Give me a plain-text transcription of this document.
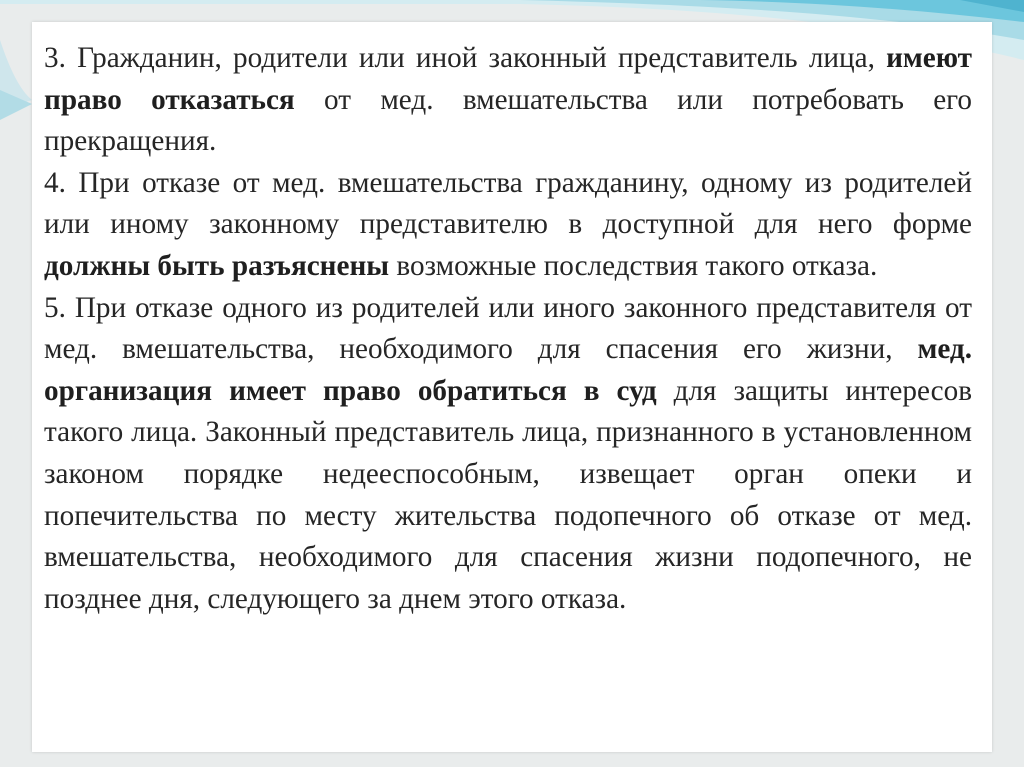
3. Гражданин, родители или иной законный представитель лица, имеют право отказаться от мед. вмешательства или потребовать его прекращения.

4. При отказе от мед. вмешательства гражданину, одному из родителей или иному законному представителю в доступной для него форме должны быть разъяснены возможные последствия такого отказа.

5. При отказе одного из родителей или иного законного представителя от мед. вмешательства, необходимого для спасения его жизни, мед. организация имеет право обратиться в суд для защиты интересов такого лица. Законный представитель лица, признанного в установленном законом порядке недееспособным, извещает орган опеки и попечительства по месту жительства подопечного об отказе от мед. вмешательства, необходимого для спасения жизни подопечного, не позднее дня, следующего за днем этого отказа.
